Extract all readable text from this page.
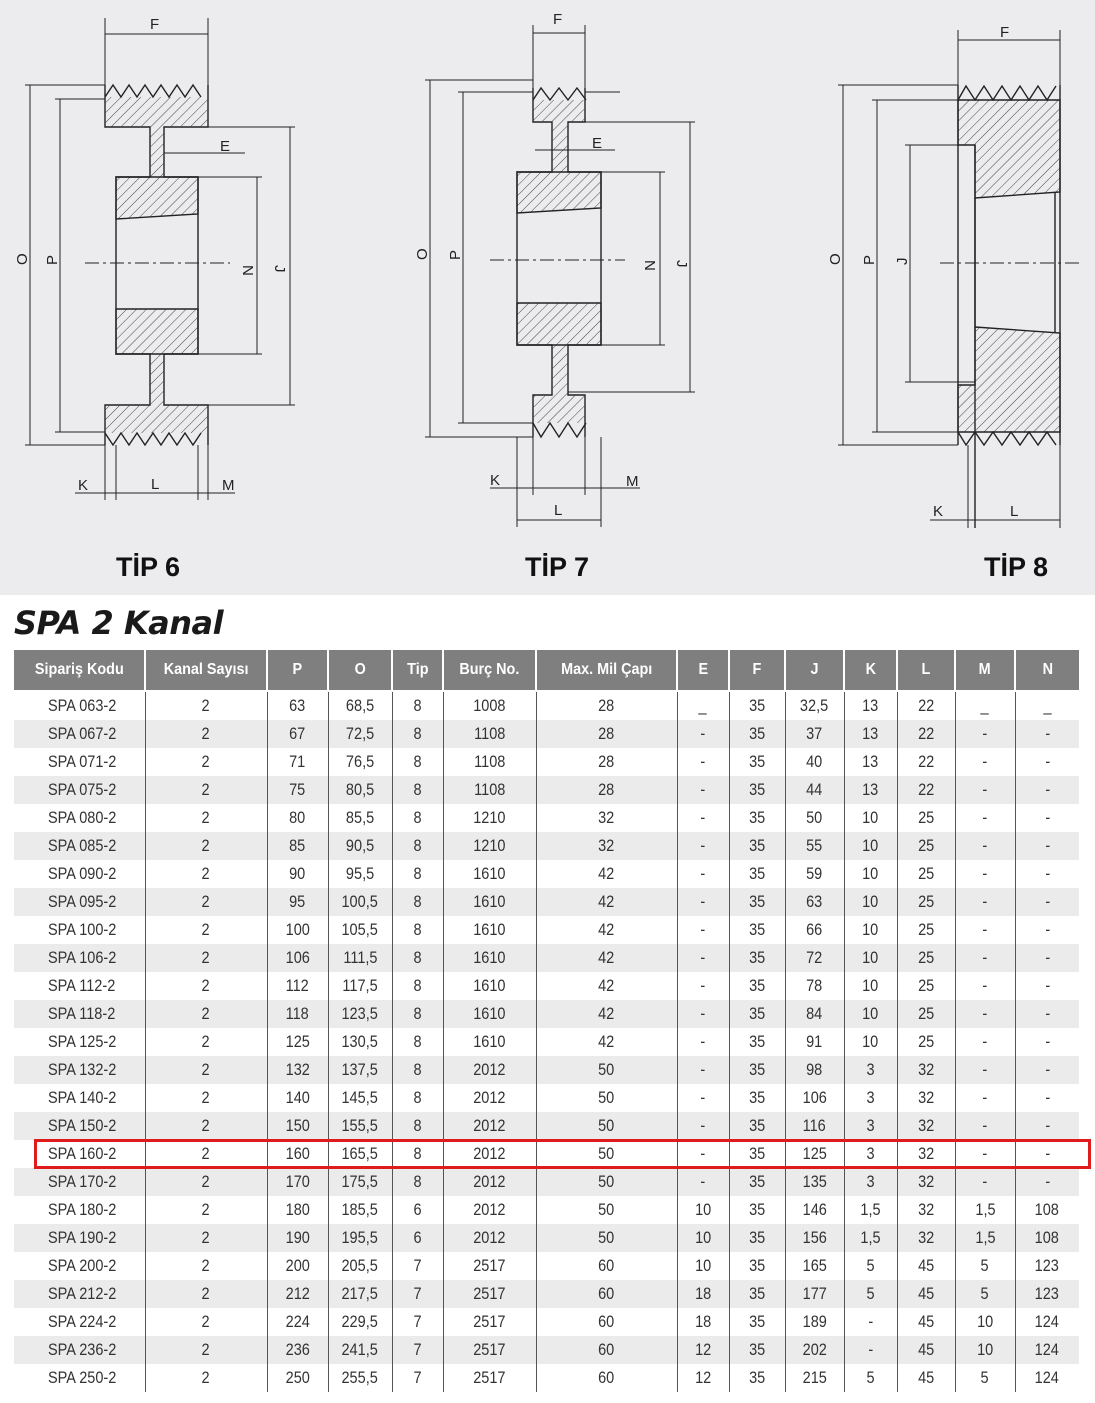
F
E
O P
N J
K	L	M
F
E
O P
N J
K
L
M
F
O P J
K	L
TİP 6	TİP 7	TİP 8
SPA 2 Kanal
Sipariş Kodu	Kanal Sayısı	P	O	Tip	Burç No.	Max. Mil Çapı	E	F	J	K	L	M	N
SPA 063-2	2	63	68,5	8	1008	28	_	35	32,5	13	22	_	_
SPA 067-2	2	67	72,5	8	1108	28	-	35	37	13	22	-	-
SPA 071-2	2	71	76,5	8	1108	28	-	35	40	13	22	-	-
SPA 075-2	2	75	80,5	8	1108	28	-	35	44	13	22	-	-
SPA 080-2	2	80	85,5	8	1210	32	-	35	50	10	25	-	-
SPA 085-2	2	85	90,5	8	1210	32	-	35	55	10	25	-	-
SPA 090-2	2	90	95,5	8	1610	42	-	35	59	10	25	-	-
SPA 095-2	2	95	100,5	8	1610	42	-	35	63	10	25	-	-
SPA 100-2	2	100	105,5	8	1610	42	-	35	66	10	25	-	-
SPA 106-2	2	106	111,5	8	1610	42	-	35	72	10	25	-	-
SPA 112-2	2	112	117,5	8	1610	42	-	35	78	10	25	-	-
SPA 118-2	2	118	123,5	8	1610	42	-	35	84	10	25	-	-
SPA 125-2	2	125	130,5	8	1610	42	-	35	91	10	25	-	-
SPA 132-2	2	132	137,5	8	2012	50	-	35	98	3	32	-	-
SPA 140-2	2	140	145,5	8	2012	50	-	35	106	3	32	-	-
SPA 150-2	2	150	155,5	8	2012	50	-	35	116	3	32	-	-
SPA 160-2	2	160	165,5	8	2012	50	-	35	125	3	32	-	-
SPA 170-2	2	170	175,5	8	2012	50	-	35	135	3	32	-	-
SPA 180-2	2	180	185,5	6	2012	50	10	35	146	1,5	32	1,5	108
SPA 190-2	2	190	195,5	6	2012	50	10	35	156	1,5	32	1,5	108
SPA 200-2	2	200	205,5	7	2517	60	10	35	165	5	45	5	123
SPA 212-2	2	212	217,5	7	2517	60	18	35	177	5	45	5	123
SPA 224-2	2	224	229,5	7	2517	60	18	35	189	-	45	10	124
SPA 236-2	2	236	241,5	7	2517	60	12	35	202	-	45	10	124
SPA 250-2	2	250	255,5	7	2517	60	12	35	215	5	45	5	124
